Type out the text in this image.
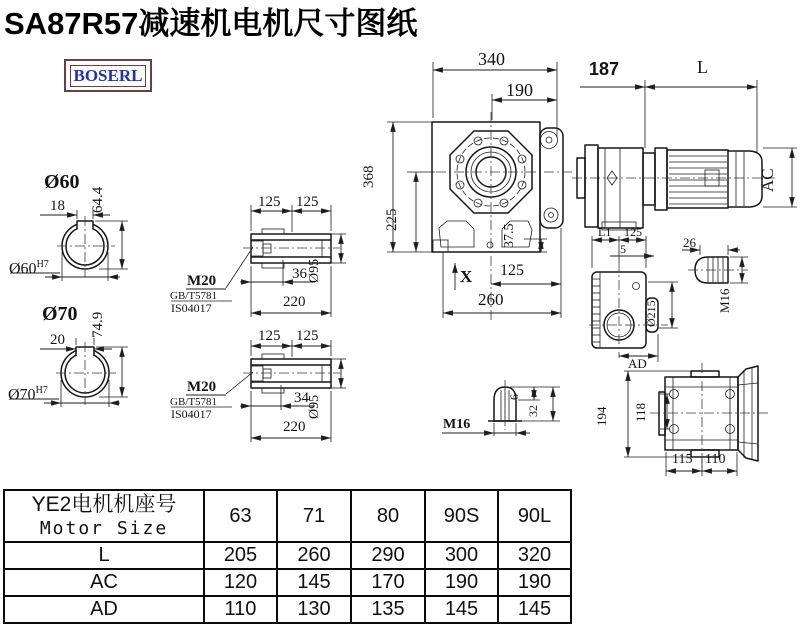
SA87R57减速机电机尺寸图纸
BOSERL
Ø60
18 64.4
$Ø60^{H7}$
Ø70
20
74.9
$Ø70^{H7}$
125 125
M20
GB/T5781
IS04017
36
220
Ø95
125 125
M20
GB/T5781
IS04017
34
220
Ø95
340
190
368
225
37.5
X 125
260
187	L
AC
L1 125
5
Ø215
AD
26
M16
M16
6
32	194 118
115 110
YE2电机机座号
Motor Size	63	71	80	90S	90L
L	205	260	290	300	320
AC	120	145	170	190	190
AD	110	130	135	145	145
